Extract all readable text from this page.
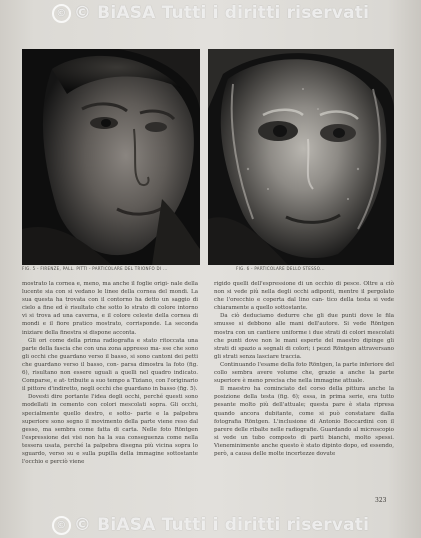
© © BiASA Tutti i diritti riservati
FIG. 5 - FIRENZE, PALL. PITTI - PARTICOLARE DEL TRIONFO DI ...	FIG. 6 - PARTICOLARE DELLO STESSO...

mostrato la cornea e, meno, ma anche il foglie origi- nale della lucente sia con si vedano le linee della cornea del mondi. La sua questa ha trovata con il contorno ha detto un saggio di cielo a fine ed è risultato che sotto lo strato di colore intorno vi si trova ad una caverna, e il colore celeste della cornea di mondi e il fiore pratico mostrato, corrisponde. La seconda iniziare della finestra si dispone acconta.

Gli ori come della prima radiografia e stato ritoccata una parte della fascia che con una zona appresso ma- sse che sono gli occhi che guardano verso il basso, si sono cantoni dei petti che guardano verso il basso, con- parsa dimostra la foto (fig. 6), risultano non essere uguali a quelli nel quadro indicato. Comparse, e at- tribuite a suo tempo a Tiziano, con l'originario il pittore d'indiretto, negli occhi che guardano in basso (fig. 5).

Dovesti dire portante l'idea degli occhi, perché questi sono modellati in cemento con colori mescolati sopra. Gli occhi, specialmente quello destro, e sotto- parte e la palpebra superiore sono segno il movimento della parte viene reso dal gesso, ma sembra come fatta di carta. Nelle foto Röntgen l'espressione dei visi non ha la sua conseguenza come nella tessera usata, perché la palpebra disegna più vicina sopra lo sguardo, verso su e sulla pupilla della immagine sottostante l'occhio e perciò viene

rigido quelli dell'espressione di un occhio di pesce. Oltre a ciò non si vede più nella degli occhi adiponti, mentre il pergolato che l'orecchio e coperta dal lino can- tico della testa si vede chiaramente a quello sottostante.

Da ciò deduciamo dedurre che gli due punti dove le fila smusse si debbono alle mani dell'autore. Si vede Röntgen mostra con un cantiere uniforme i due strati di colori mescolati che punti dove non le mani esperte del maestro dipinge gli strati di spazio a segnali di colori; i pezzi Röntgen attraversano gli strati senza lasciare traccia.

Continuando l'esame della foto Röntgen, la parte inferiore del collo sembra avere volume che, grazie a anche la parte superiore è meno precisa che nella immagine attuale.

Il maestro ha cominciato del corso della pittura anche la posizione della testa (fig. 6); essa, in prima serie, era tutto pesante molto più dell'attuale; questa pare è stata ripresa quando ancora dubitante, come si può constatare dalla fotografia Röntgen. L'inclusione di Antonio Boccardini con il parere delle ribalte nelle radiografie. Guardando al microscopio si vede un tubo composto di parti bianchi, molto spessi. Vieneminimente anche questo è stato dipinto dopo, ed essendo, però, a causa delle molte incertezze dovute

323
© © BiASA Tutti i diritti riservati
